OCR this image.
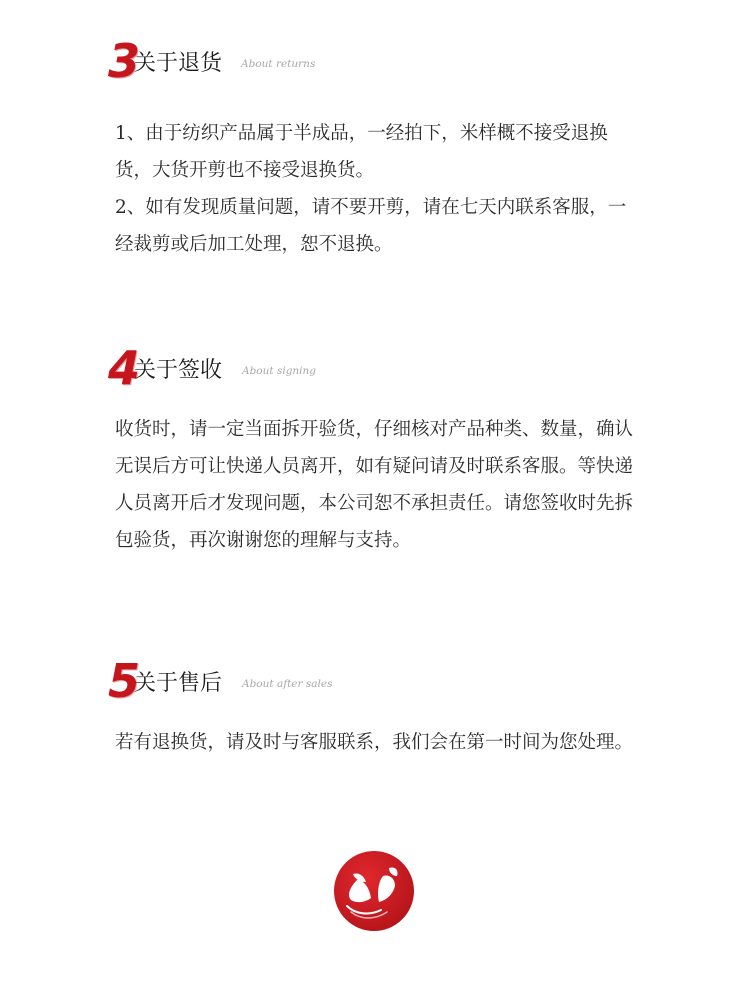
3
关于退货 About returns

1、由于纺织产品属于半成品，一经拍下，米样概不接受退换货，大货开剪也不接受退换货。

2、如有发现质量问题，请不要开剪，请在七天内联系客服，一经裁剪或后加工处理，恕不退换。

4
关于签收 About signing

收货时，请一定当面拆开验货，仔细核对产品种类、数量，确认无误后方可让快递人员离开，如有疑问请及时联系客服。等快递人员离开后才发现问题，本公司恕不承担责任。请您签收时先拆包验货，再次谢谢您的理解与支持。

5
关于售后 About after sales

若有退换货，请及时与客服联系，我们会在第一时间为您处理。
